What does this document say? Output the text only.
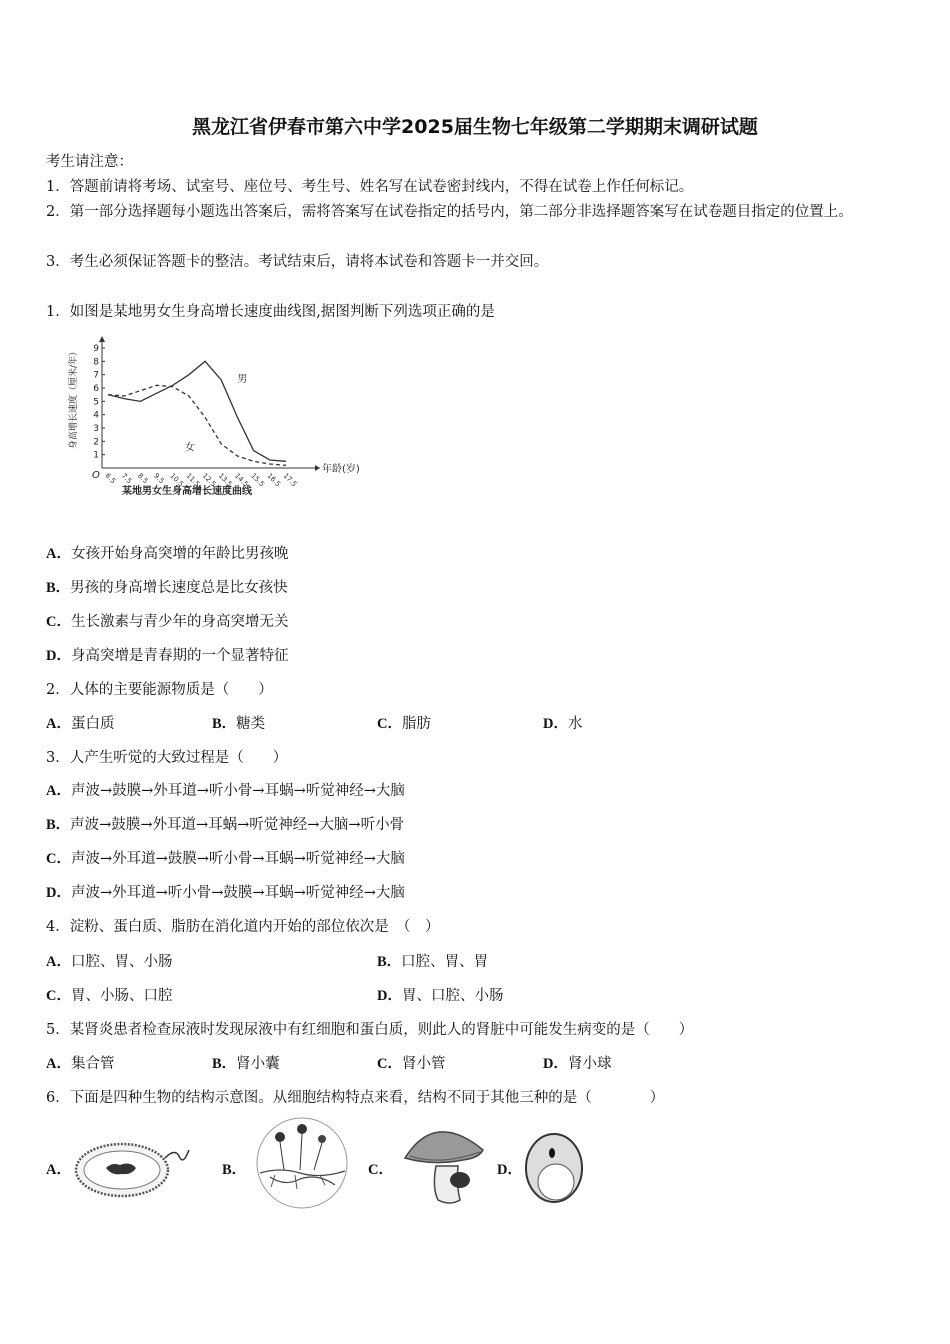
黑龙江省伊春市第六中学2025届生物七年级第二学期期末调研试题
考生请注意：
1．答题前请将考场、试室号、座位号、考生号、姓名写在试卷密封线内，不得在试卷上作任何标记。
2．第一部分选择题每小题选出答案后，需将答案写在试卷指定的括号内，第二部分非选择题答案写在试卷题目指定的位置上。
3．考生必须保证答题卡的整洁。考试结束后，请将本试卷和答题卡一并交回。
1．如图是某地男女生身高增长速度曲线图,据图判断下列选项正确的是
1
2
3
4
5
6
7
8
9
6.5 7.5 8.5 9.5 10.5 11.5 12.5 13.5 14.5 15.5 16.5 17.5
O
年龄(岁)
身高增长速度（厘米/年）
某地男女生身高增长速度曲线
男
女
A．女孩开始身高突增的年龄比男孩晚
B．男孩的身高增长速度总是比女孩快
C．生长激素与青少年的身高突增无关
D．身高突增是青春期的一个显著特征
2．人体的主要能源物质是（　　）
A．蛋白质	B．糖类	C．脂肪	D．水
3．人产生听觉的大致过程是（　　）
A．声波→鼓膜→外耳道→听小骨→耳蜗→听觉神经→大脑
B．声波→鼓膜→外耳道→耳蜗→听觉神经→大脑→听小骨
C．声波→外耳道→鼓膜→听小骨→耳蜗→听觉神经→大脑
D．声波→外耳道→听小骨→鼓膜→耳蜗→听觉神经→大脑
4．淀粉、蛋白质、脂肪在消化道内开始的部位依次是　（　）
A．口腔、胃、小肠	B．口腔、胃、胃
C．胃、小肠、口腔	D．胃、口腔、小肠
5．某肾炎患者检查尿液时发现尿液中有红细胞和蛋白质，则此人的肾脏中可能发生病变的是（　　）
A．集合管	B．肾小囊	C．肾小管	D．肾小球
6．下面是四种生物的结构示意图。从细胞结构特点来看，结构不同于其他三种的是（　　　　）
A．	B．	C．	D．
